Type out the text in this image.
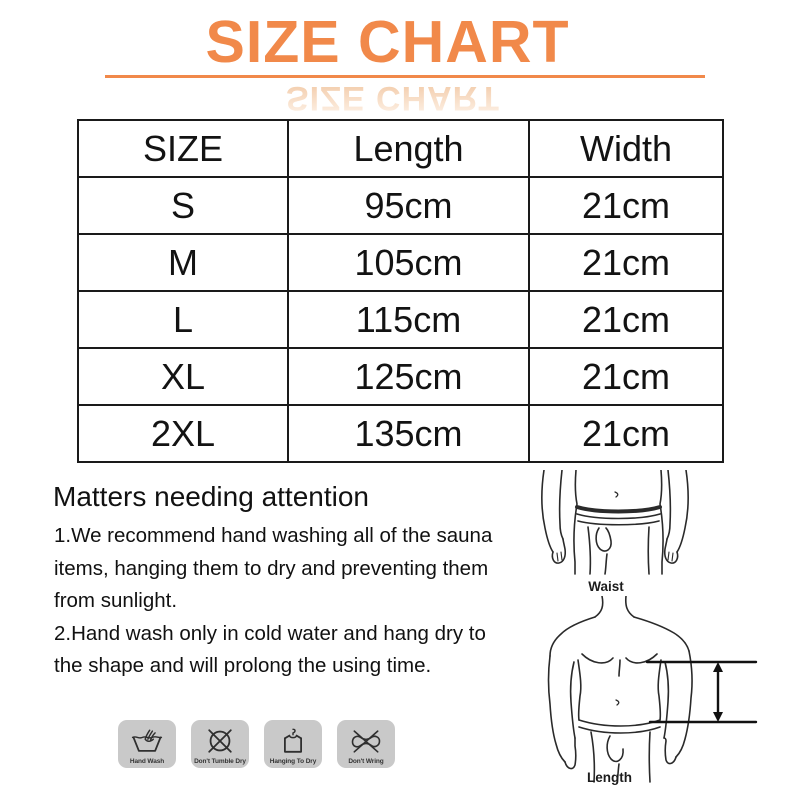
SIZE CHART
SIZE CHART
SIZE	Length	Width
S	95cm	21cm
M	105cm	21cm
L	115cm	21cm
XL	125cm	21cm
2XL	135cm	21cm
Matters needing attention
1.We recommend hand washing all of the sauna
items, hanging them to dry and preventing them
from sunlight.
2.Hand wash only in cold water and hang dry to
the shape and will prolong the using time.
Hand Wash	Don't Tumble Dry	Hanging To Dry	Don't Wring
Waist
Length
